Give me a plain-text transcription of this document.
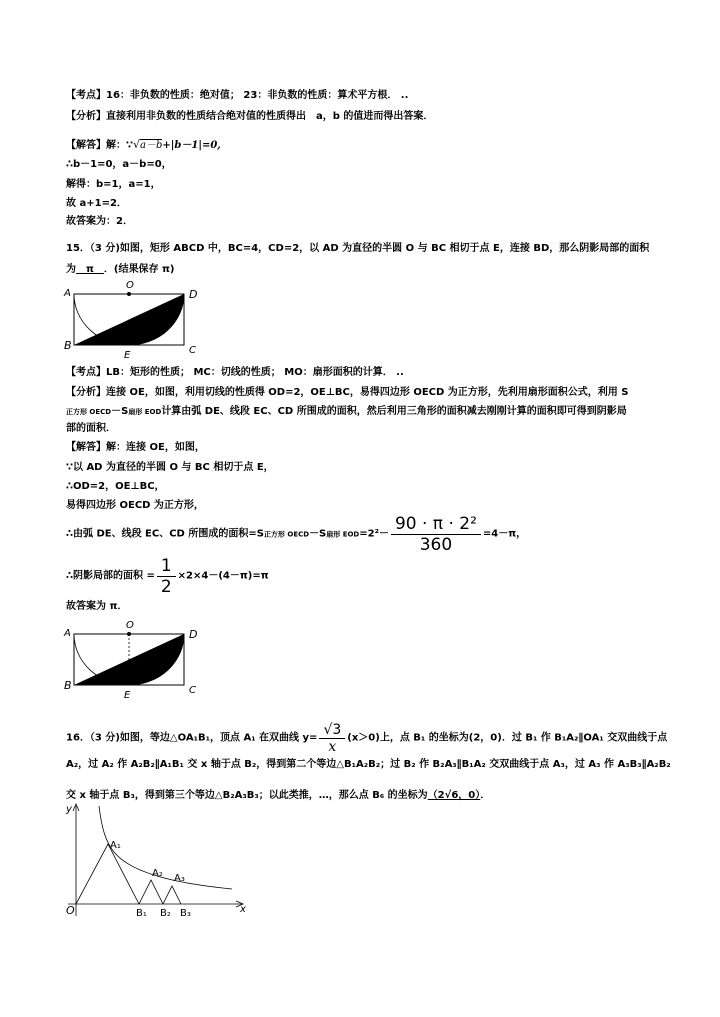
【考点】16：非负数的性质：绝对值； 23：非负数的性质：算术平方根． ..
【分析】直接利用非负数的性质结合绝对值的性质得出　a，b 的值进而得出答案．
【解答】解：∵√a－b+|b－1|=0,
∴b－1=0，a－b=0，
解得：b=1，a=1，
故 a+1=2．
故答案为：2．
15．（3 分)如图，矩形 ABCD 中，BC=4，CD=2，以 AD 为直径的半圆 O 与 BC 相切于点 E，连接 BD，那么阴影局部的面积
为　π　．(结果保存 π)
A
O
D
B
E	C
【考点】LB：矩形的性质； MC：切线的性质； MO：扇形面积的计算． ..
【分析】连接 OE，如图，利用切线的性质得 OD=2，OE⊥BC，易得四边形 OECD 为正方形，先利用扇形面积公式，利用 S
正方形 OECD－S扇形 EOD计算由弧 DE、线段 EC、CD 所围成的面积，然后利用三角形的面积减去刚刚计算的面积即可得到阴影局
部的面积．
【解答】解：连接 OE，如图，
∵以 AD 为直径的半圆 O 与 BC 相切于点 E，
∴OD=2，OE⊥BC，
易得四边形 OECD 为正方形，
∴由弧 DE、线段 EC、CD 所围成的面积=S正方形 OECD－S扇形 $EOD=2^2- \frac{\text{90 · π · 2²}}{360} =4-\pi$，
∴阴影局部的面积 = $\frac{1}{2} \times 2\times 4-(4-\pi)=\pi$
故答案为 π．
A
O
D
B
E	C
16．（3 分)如图，等边△OA₁B₁，顶点 A₁ 在双曲线 $y= \frac{√3}{x} (x>0)$上，点 B₁ 的坐标为(2，0)．过 B₁ 作 B₁A₂∥OA₁ 交双曲线于点
A₂，过 A₂ 作 A₂B₂∥A₁B₁ 交 x 轴于点 B₂，得到第二个等边△B₁A₂B₂；过 B₂ 作 B₂A₃∥B₁A₂ 交双曲线于点 A₃，过 A₃ 作 A₃B₃∥A₂B₂
交 x 轴于点 B₃，得到第三个等边△B₂A₃B₃；以此类推，…，那么点 B₆ 的坐标为（2√6，0）．
y
x
O
A₁
A₂ A₃
B₁ B₂ B₃
